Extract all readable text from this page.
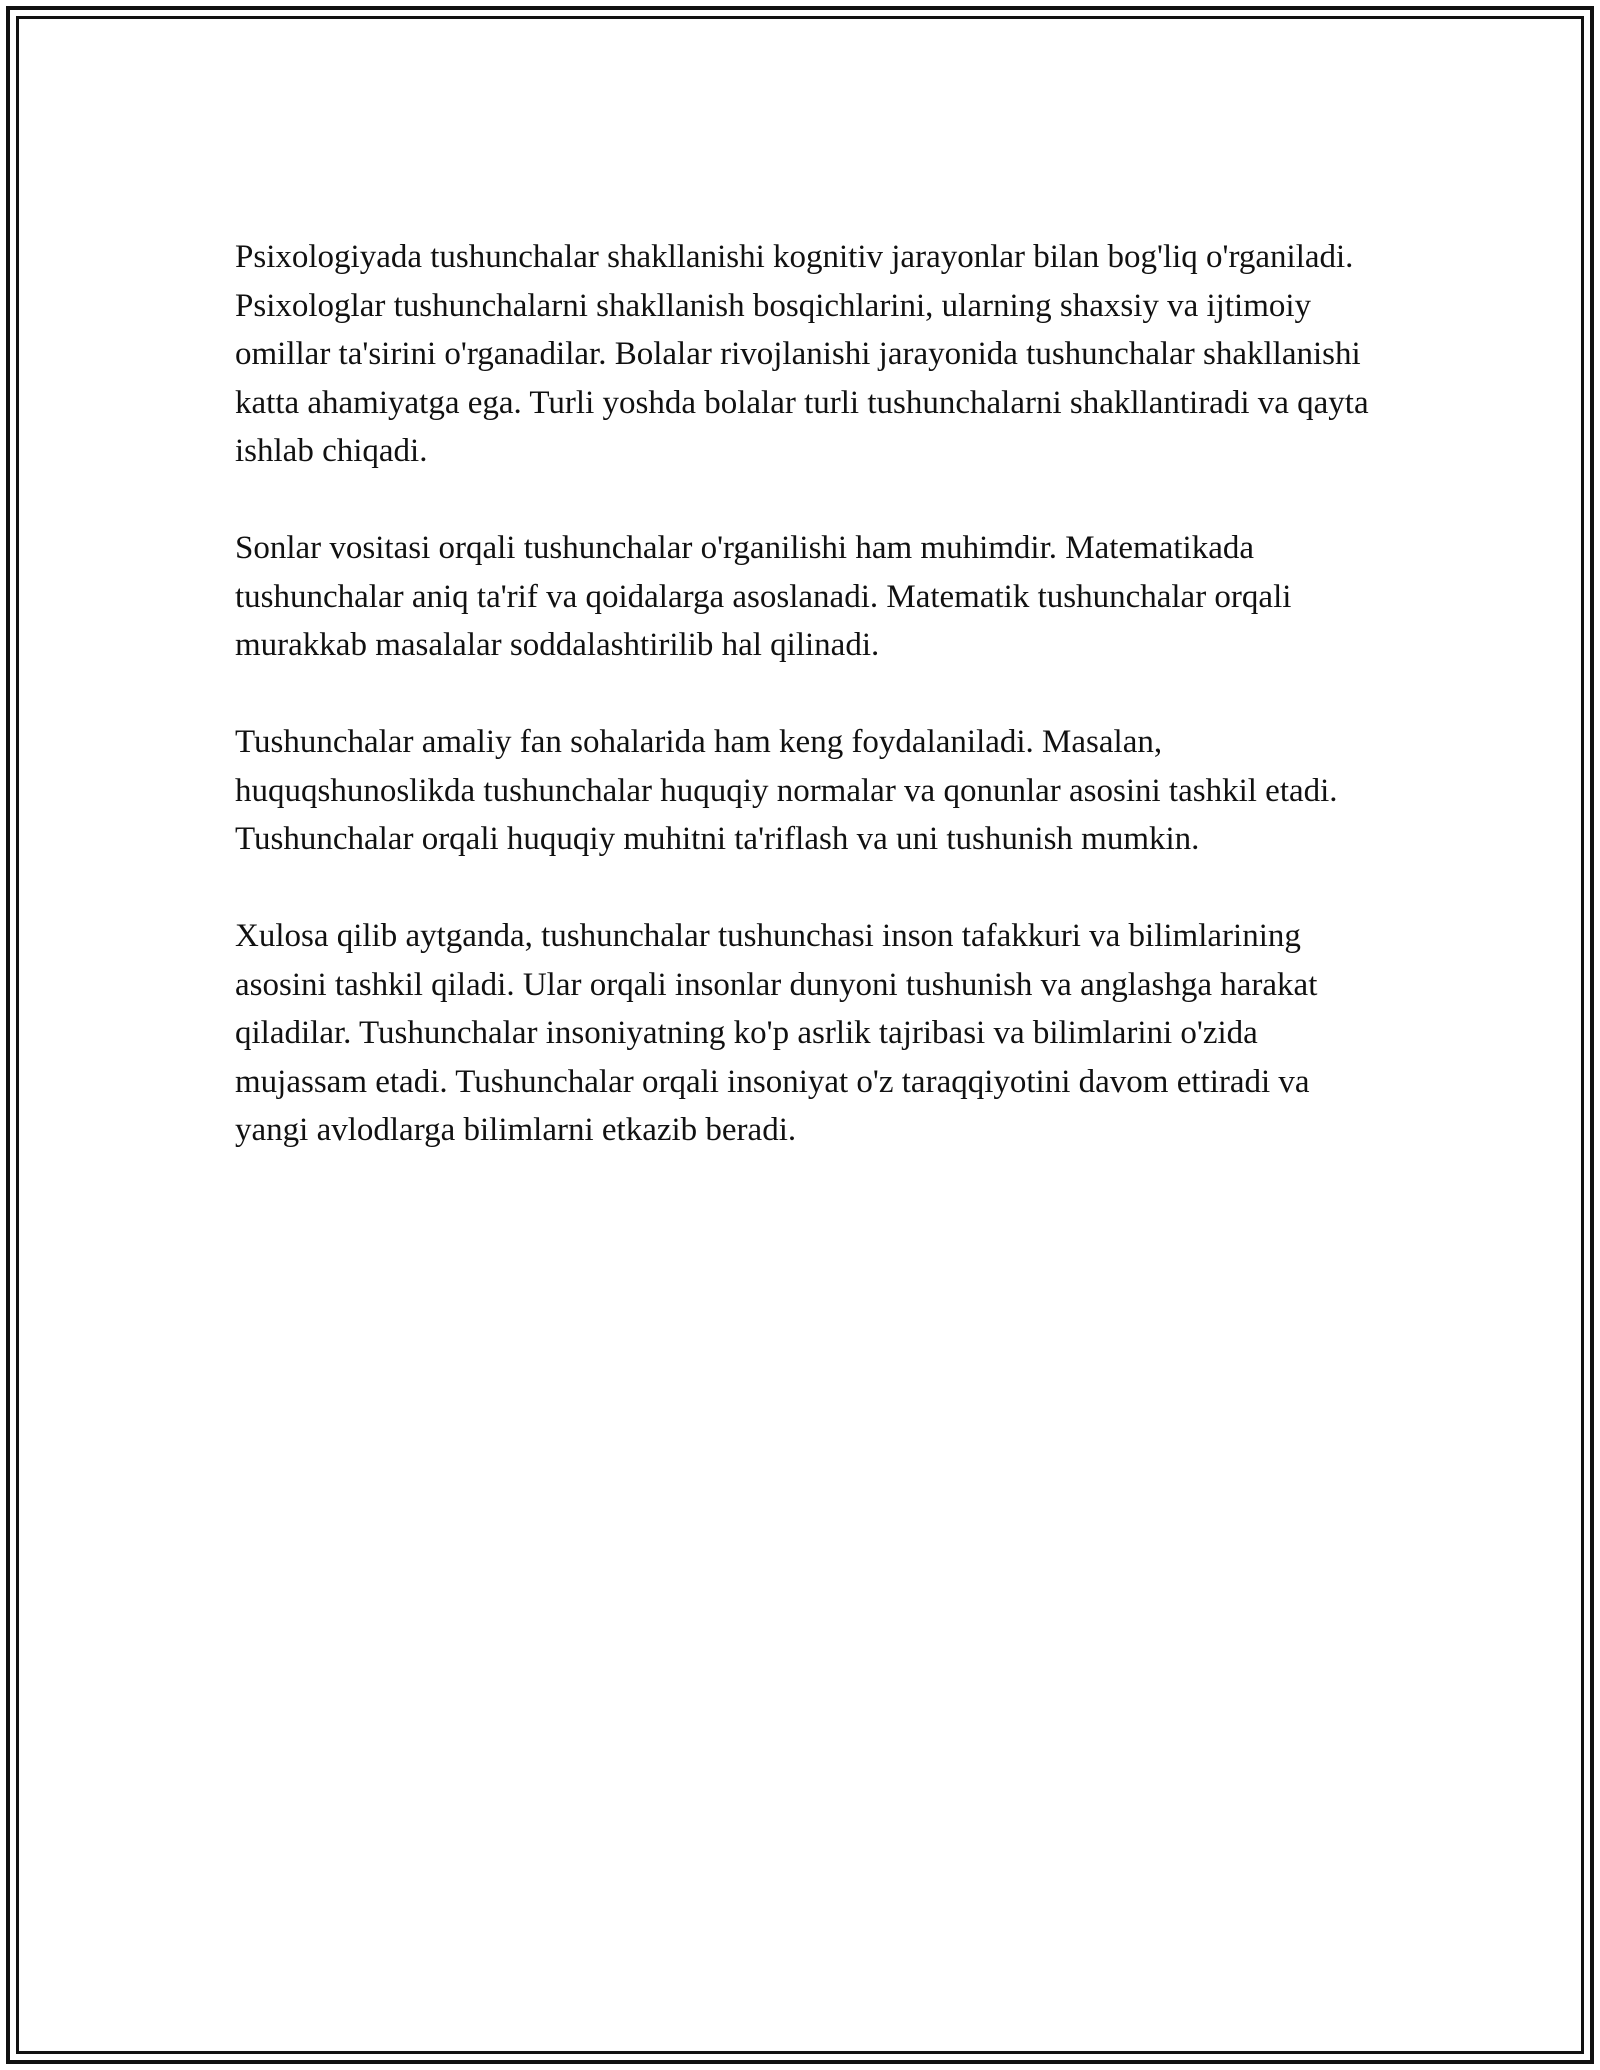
Psixologiyada tushunchalar shakllanishi kognitiv jarayonlar bilan bog'liq o'rganiladi. Psixologlar tushunchalarni shakllanish bosqichlarini, ularning shaxsiy va ijtimoiy omillar ta'sirini o'rganadilar. Bolalar rivojlanishi jarayonida tushunchalar shakllanishi katta ahamiyatga ega. Turli yoshda bolalar turli tushunchalarni shakllantiradi va qayta ishlab chiqadi.

Sonlar vositasi orqali tushunchalar o'rganilishi ham muhimdir. Matematikada tushunchalar aniq ta'rif va qoidalarga asoslanadi. Matematik tushunchalar orqali murakkab masalalar soddalashtirilib hal qilinadi.

Tushunchalar amaliy fan sohalarida ham keng foydalaniladi. Masalan, huquqshunoslikda tushunchalar huquqiy normalar va qonunlar asosini tashkil etadi. Tushunchalar orqali huquqiy muhitni ta'riflash va uni tushunish mumkin.

Xulosa qilib aytganda, tushunchalar tushunchasi inson tafakkuri va bilimlarining asosini tashkil qiladi. Ular orqali insonlar dunyoni tushunish va anglashga harakat qiladilar. Tushunchalar insoniyatning ko'p asrlik tajribasi va bilimlarini o'zida mujassam etadi. Tushunchalar orqali insoniyat o'z taraqqiyotini davom ettiradi va yangi avlodlarga bilimlarni etkazib beradi.
